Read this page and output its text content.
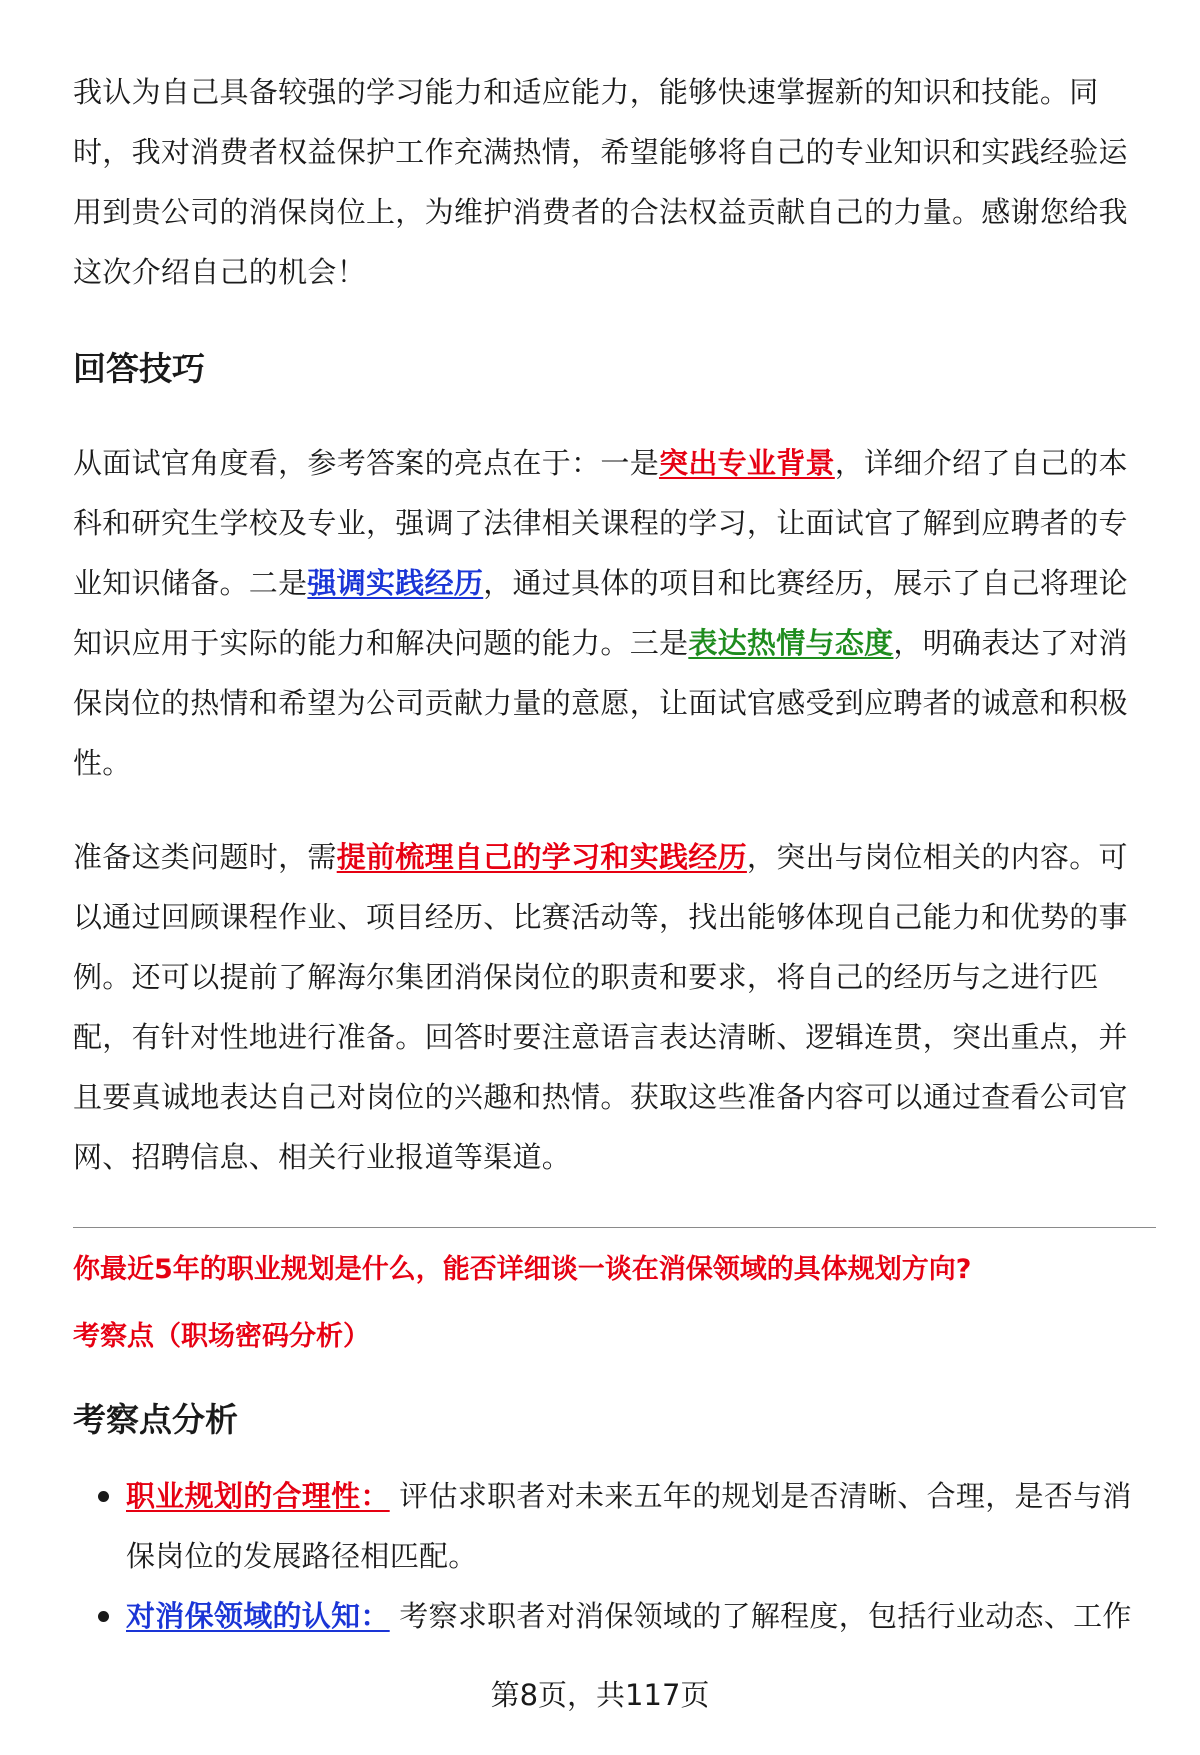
我认为自己具备较强的学习能力和适应能力，能够快速掌握新的知识和技能。同时，我对消费者权益保护工作充满热情，希望能够将自己的专业知识和实践经验运用到贵公司的消保岗位上，为维护消费者的合法权益贡献自己的力量。感谢您给我这次介绍自己的机会！

回答技巧

从面试官角度看，参考答案的亮点在于：一是突出专业背景，详细介绍了自己的本科和研究生学校及专业，强调了法律相关课程的学习，让面试官了解到应聘者的专业知识储备。二是强调实践经历，通过具体的项目和比赛经历，展示了自己将理论知识应用于实际的能力和解决问题的能力。三是表达热情与态度，明确表达了对消保岗位的热情和希望为公司贡献力量的意愿，让面试官感受到应聘者的诚意和积极性。

准备这类问题时，需提前梳理自己的学习和实践经历，突出与岗位相关的内容。可以通过回顾课程作业、项目经历、比赛活动等，找出能够体现自己能力和优势的事例。还可以提前了解海尔集团消保岗位的职责和要求，将自己的经历与之进行匹配，有针对性地进行准备。回答时要注意语言表达清晰、逻辑连贯，突出重点，并且要真诚地表达自己对岗位的兴趣和热情。获取这些准备内容可以通过查看公司官网、招聘信息、相关行业报道等渠道。

你最近5年的职业规划是什么，能否详细谈一谈在消保领域的具体规划方向?

考察点（职场密码分析）

考察点分析
职业规划的合理性： 评估求职者对未来五年的规划是否清晰、合理，是否与消保岗位的发展路径相匹配。
对消保领域的认知： 考察求职者对消保领域的了解程度，包括行业动态、工作
第8页，共117页
